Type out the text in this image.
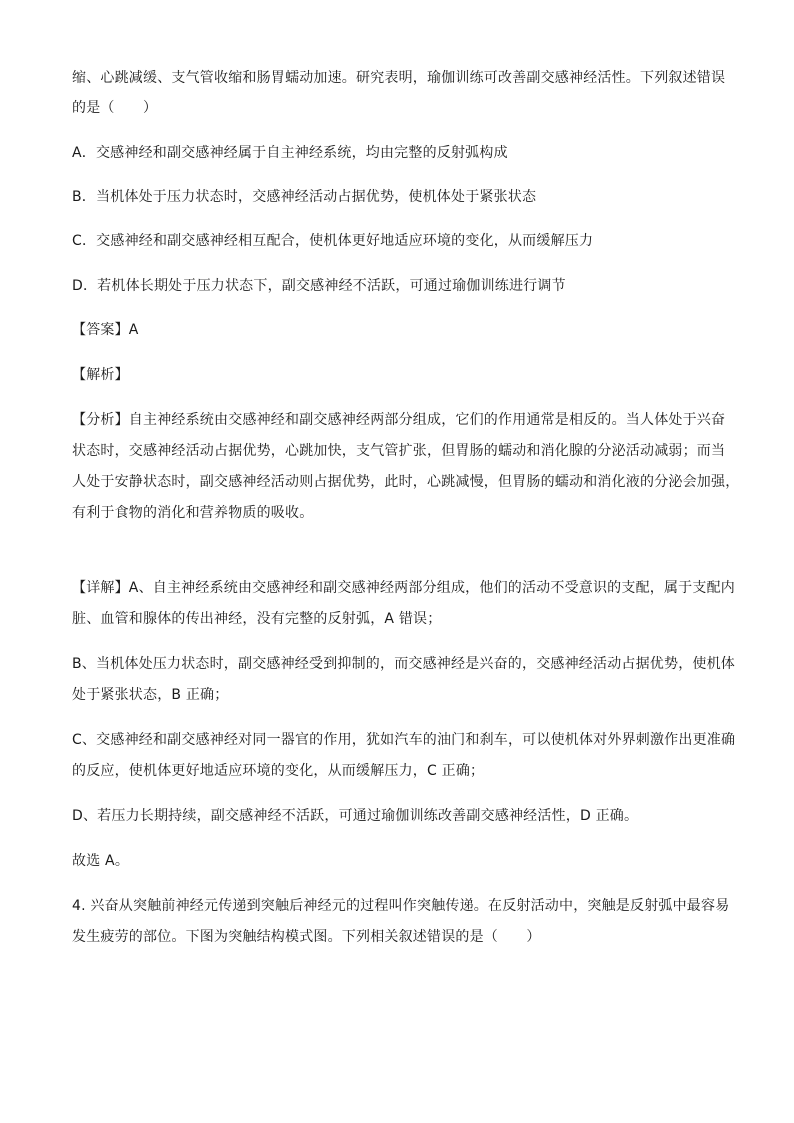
缩、心跳减缓、支气管收缩和肠胃蠕动加速。研究表明，瑜伽训练可改善副交感神经活性。下列叙述错误
的是（　　）
A．交感神经和副交感神经属于自主神经系统，均由完整的反射弧构成
B．当机体处于压力状态时，交感神经活动占据优势，使机体处于紧张状态
C．交感神经和副交感神经相互配合，使机体更好地适应环境的变化，从而缓解压力
D．若机体长期处于压力状态下，副交感神经不活跃，可通过瑜伽训练进行调节
【答案】A
【解析】
【分析】自主神经系统由交感神经和副交感神经两部分组成，它们的作用通常是相反的。当人体处于兴奋
状态时，交感神经活动占据优势，心跳加快，支气管扩张，但胃肠的蠕动和消化腺的分泌活动减弱；而当
人处于安静状态时，副交感神经活动则占据优势，此时，心跳减慢，但胃肠的蠕动和消化液的分泌会加强，
有利于食物的消化和营养物质的吸收。
【详解】A、自主神经系统由交感神经和副交感神经两部分组成，他们的活动不受意识的支配，属于支配内
脏、血管和腺体的传出神经，没有完整的反射弧，A 错误；
B、当机体处压力状态时，副交感神经受到抑制的，而交感神经是兴奋的，交感神经活动占据优势，使机体
处于紧张状态，B 正确；
C、交感神经和副交感神经对同一器官的作用，犹如汽车的油门和刹车，可以使机体对外界刺激作出更准确
的反应，使机体更好地适应环境的变化，从而缓解压力，C 正确；
D、若压力长期持续，副交感神经不活跃，可通过瑜伽训练改善副交感神经活性，D 正确。
故选 A。
4. 兴奋从突触前神经元传递到突触后神经元的过程叫作突触传递。在反射活动中，突触是反射弧中最容易
发生疲劳的部位。下图为突触结构模式图。下列相关叙述错误的是（　　）
